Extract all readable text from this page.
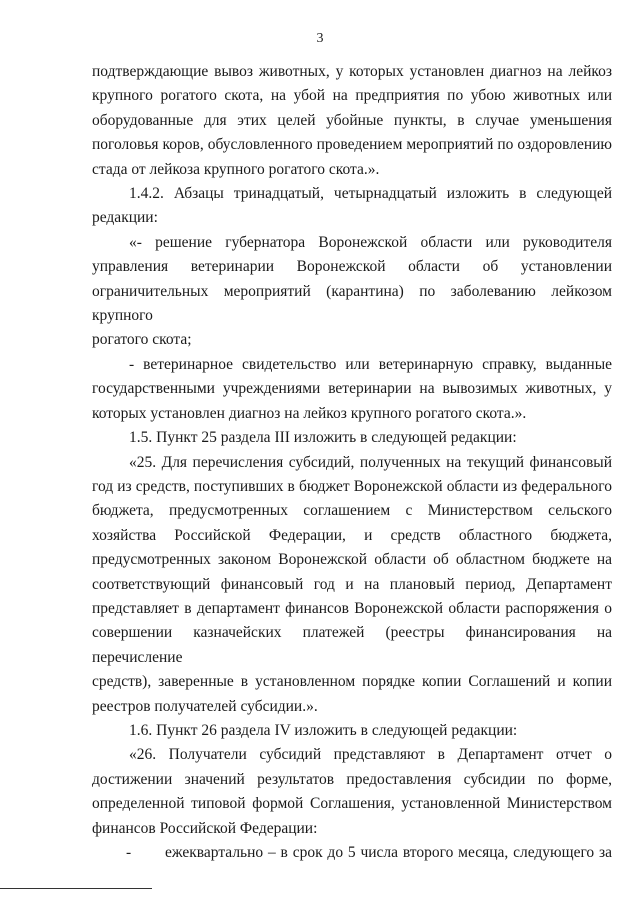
3
подтверждающие вывоз животных, у которых установлен диагноз на лейкоз
крупного рогатого скота, на убой на предприятия по убою животных или
оборудованные для этих целей убойные пункты, в случае уменьшения
поголовья коров, обусловленного проведением мероприятий по оздоровлению
стада от лейкоза крупного рогатого скота.».
1.4.2. Абзацы тринадцатый, четырнадцатый изложить в следующей
редакции:
«- решение губернатора Воронежской области или руководителя
управления ветеринарии Воронежской области об установлении
ограничительных мероприятий (карантина) по заболеванию лейкозом крупного
рогатого скота;
- ветеринарное свидетельство или ветеринарную справку, выданные
государственными учреждениями ветеринарии на вывозимых животных, у
которых установлен диагноз на лейкоз крупного рогатого скота.».
1.5. Пункт 25 раздела III изложить в следующей редакции:
«25. Для перечисления субсидий, полученных на текущий финансовый
год из средств, поступивших в бюджет Воронежской области из федерального
бюджета, предусмотренных соглашением с Министерством сельского
хозяйства Российской Федерации, и средств областного бюджета,
предусмотренных законом Воронежской области об областном бюджете на
соответствующий финансовый год и на плановый период, Департамент
представляет в департамент финансов Воронежской области распоряжения о
совершении казначейских платежей (реестры финансирования на перечисление
средств), заверенные в установленном порядке копии Соглашений и копии
реестров получателей субсидии.».
1.6. Пункт 26 раздела IV изложить в следующей редакции:
«26. Получатели субсидий представляют в Департамент отчет о
достижении значений результатов предоставления субсидии по форме,
определенной типовой формой Соглашения, установленной Министерством
финансов Российской Федерации:
- ежеквартально – в срок до 5 числа второго месяца, следующего за
